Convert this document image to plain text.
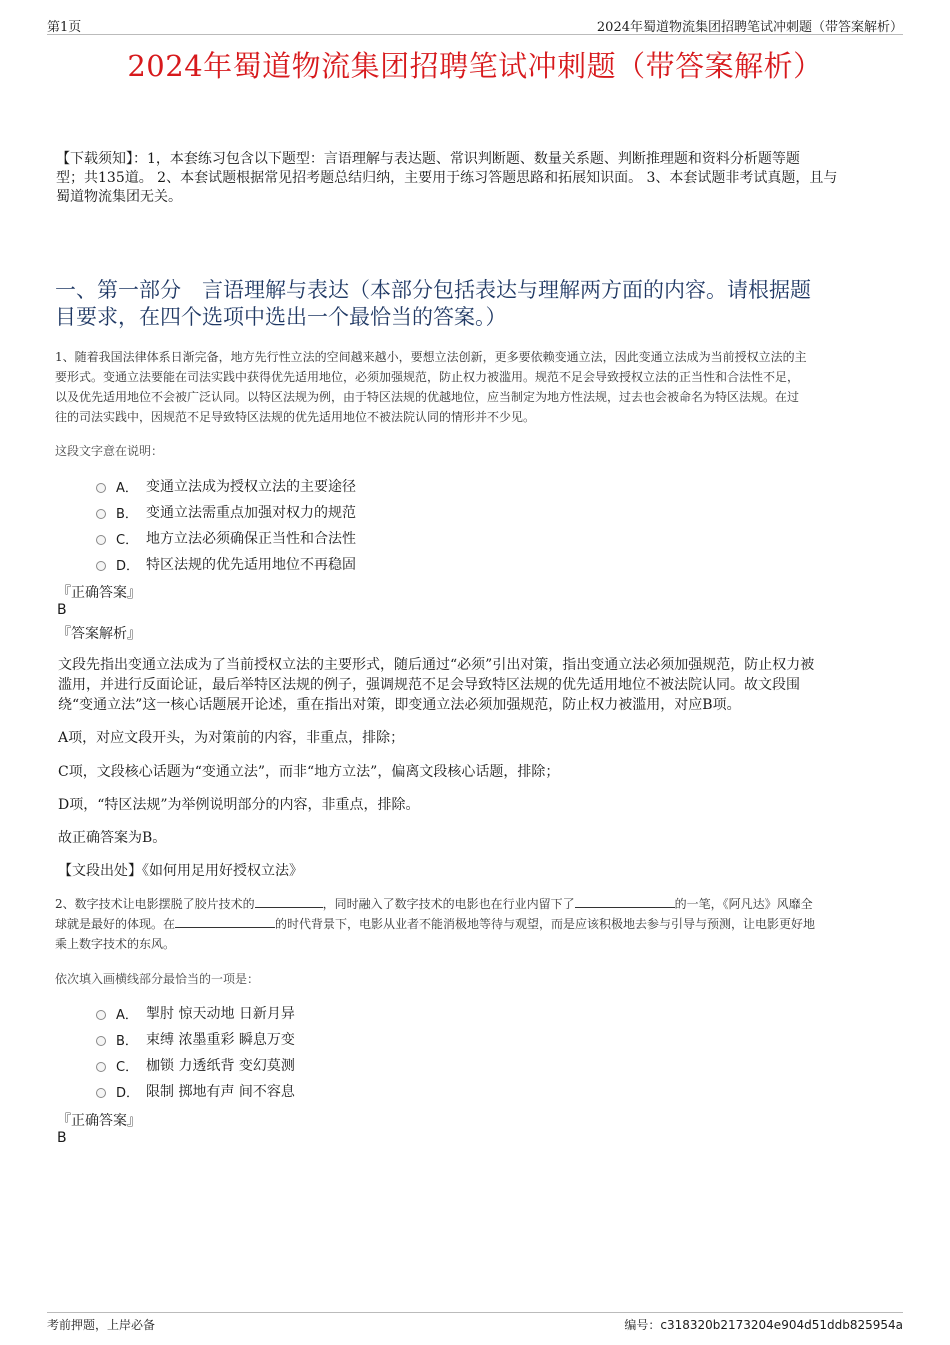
第1页	2024年蜀道物流集团招聘笔试冲刺题（带答案解析）
2024年蜀道物流集团招聘笔试冲刺题（带答案解析）
【下载须知】：1，本套练习包含以下题型：言语理解与表达题、常识判断题、数量关系题、判断推理题和资料分析题等题
型；共135道。 2、本套试题根据常见招考题总结归纳，主要用于练习答题思路和拓展知识面。 3、本套试题非考试真题，且与
蜀道物流集团无关。
一、第一部分　言语理解与表达（本部分包括表达与理解两方面的内容。请根据题
目要求，在四个选项中选出一个最恰当的答案。）
1、随着我国法律体系日渐完备，地方先行性立法的空间越来越小，要想立法创新，更多要依赖变通立法，因此变通立法成为当前授权立法的主
要形式。变通立法要能在司法实践中获得优先适用地位，必须加强规范，防止权力被滥用。规范不足会导致授权立法的正当性和合法性不足，
以及优先适用地位不会被广泛认同。以特区法规为例，由于特区法规的优越地位，应当制定为地方性法规，过去也会被命名为特区法规。在过
往的司法实践中，因规范不足导致特区法规的优先适用地位不被法院认同的情形并不少见。
这段文字意在说明：
A． 变通立法成为授权立法的主要途径
B． 变通立法需重点加强对权力的规范
C． 地方立法必须确保正当性和合法性
D． 特区法规的优先适用地位不再稳固
『正确答案』
B
『答案解析』
文段先指出变通立法成为了当前授权立法的主要形式，随后通过“必须”引出对策，指出变通立法必须加强规范，防止权力被
滥用，并进行反面论证，最后举特区法规的例子，强调规范不足会导致特区法规的优先适用地位不被法院认同。故文段围
绕“变通立法”这一核心话题展开论述，重在指出对策，即变通立法必须加强规范，防止权力被滥用，对应B项。
A项，对应文段开头，为对策前的内容，非重点，排除；
C项，文段核心话题为“变通立法”，而非“地方立法”，偏离文段核心话题，排除；
D项，“特区法规”为举例说明部分的内容，非重点，排除。
故正确答案为B。
【文段出处】《如何用足用好授权立法》
2、数字技术让电影摆脱了胶片技术的	，同时融入了数字技术的电影也在行业内留下了	的一笔，《阿凡达》风靡全
球就是最好的体现。在	的时代背景下，电影从业者不能消极地等待与观望，而是应该积极地去参与引导与预测，让电影更好地
乘上数字技术的东风。
依次填入画横线部分最恰当的一项是：
A． 掣肘 惊天动地 日新月异
B． 束缚 浓墨重彩 瞬息万变
C． 枷锁 力透纸背 变幻莫测
D． 限制 掷地有声 间不容息
『正确答案』
B
考前押题，上岸必备	编号：c318320b2173204e904d51ddb825954a
